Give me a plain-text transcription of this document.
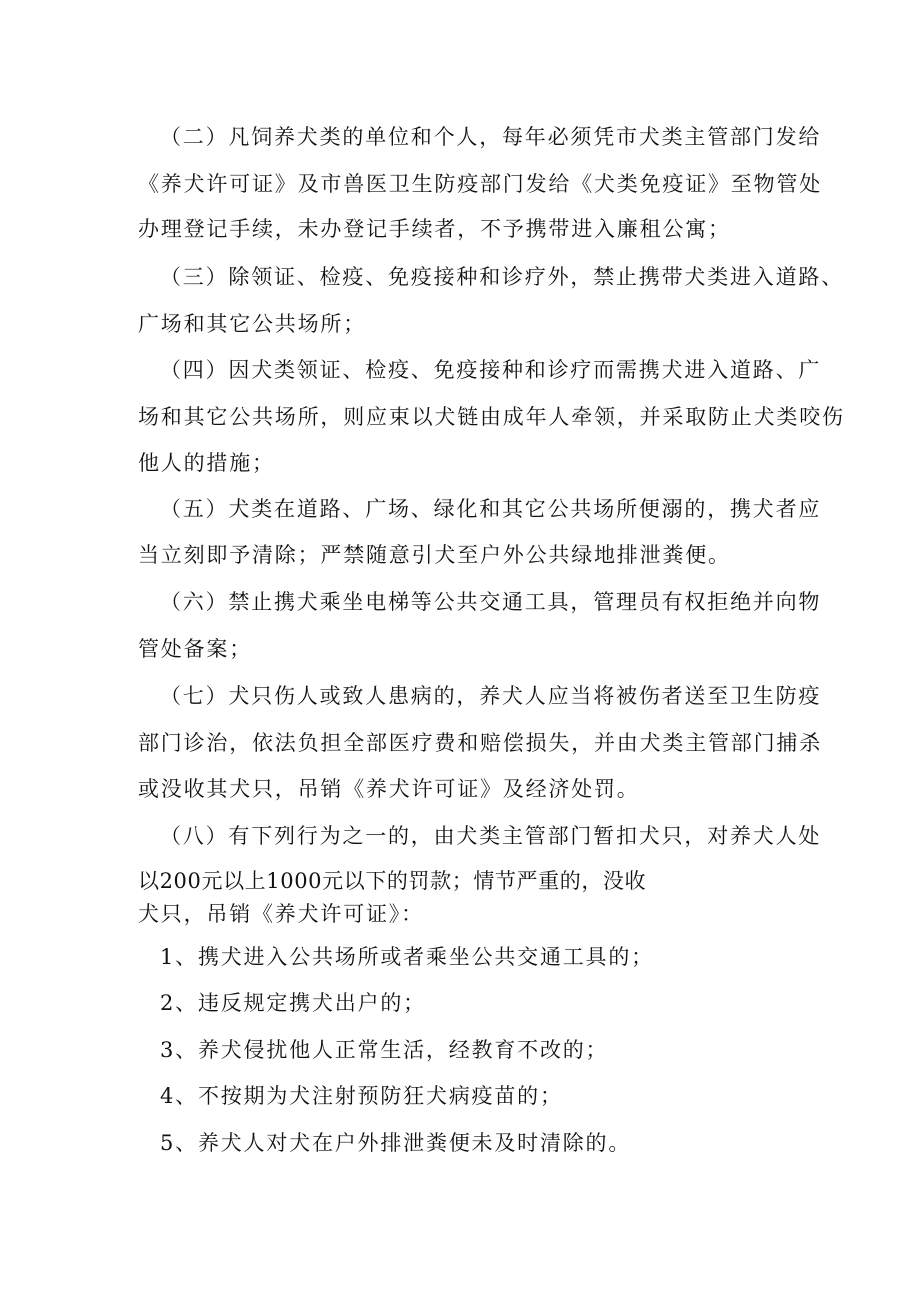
（二）凡饲养犬类的单位和个人，每年必须凭市犬类主管部门发给
《养犬许可证》及市兽医卫生防疫部门发给《犬类免疫证》至物管处
办理登记手续，未办登记手续者，不予携带进入廉租公寓；
（三）除领证、检疫、免疫接种和诊疗外，禁止携带犬类进入道路、
广场和其它公共场所；
（四）因犬类领证、检疫、免疫接种和诊疗而需携犬进入道路、广
场和其它公共场所，则应束以犬链由成年人牵领，并采取防止犬类咬伤
他人的措施；
（五）犬类在道路、广场、绿化和其它公共场所便溺的，携犬者应
当立刻即予清除；严禁随意引犬至户外公共绿地排泄粪便。
（六）禁止携犬乘坐电梯等公共交通工具，管理员有权拒绝并向物
管处备案；
（七）犬只伤人或致人患病的，养犬人应当将被伤者送至卫生防疫
部门诊治，依法负担全部医疗费和赔偿损失，并由犬类主管部门捕杀
或没收其犬只，吊销《养犬许可证》及经济处罚。
（八）有下列行为之一的，由犬类主管部门暂扣犬只，对养犬人处
以200元以上1000元以下的罚款；情节严重的，没收
犬只，吊销《养犬许可证》：
1、携犬进入公共场所或者乘坐公共交通工具的；
2、违反规定携犬出户的；
3、养犬侵扰他人正常生活，经教育不改的；
4、不按期为犬注射预防狂犬病疫苗的；
5、养犬人对犬在户外排泄粪便未及时清除的。
